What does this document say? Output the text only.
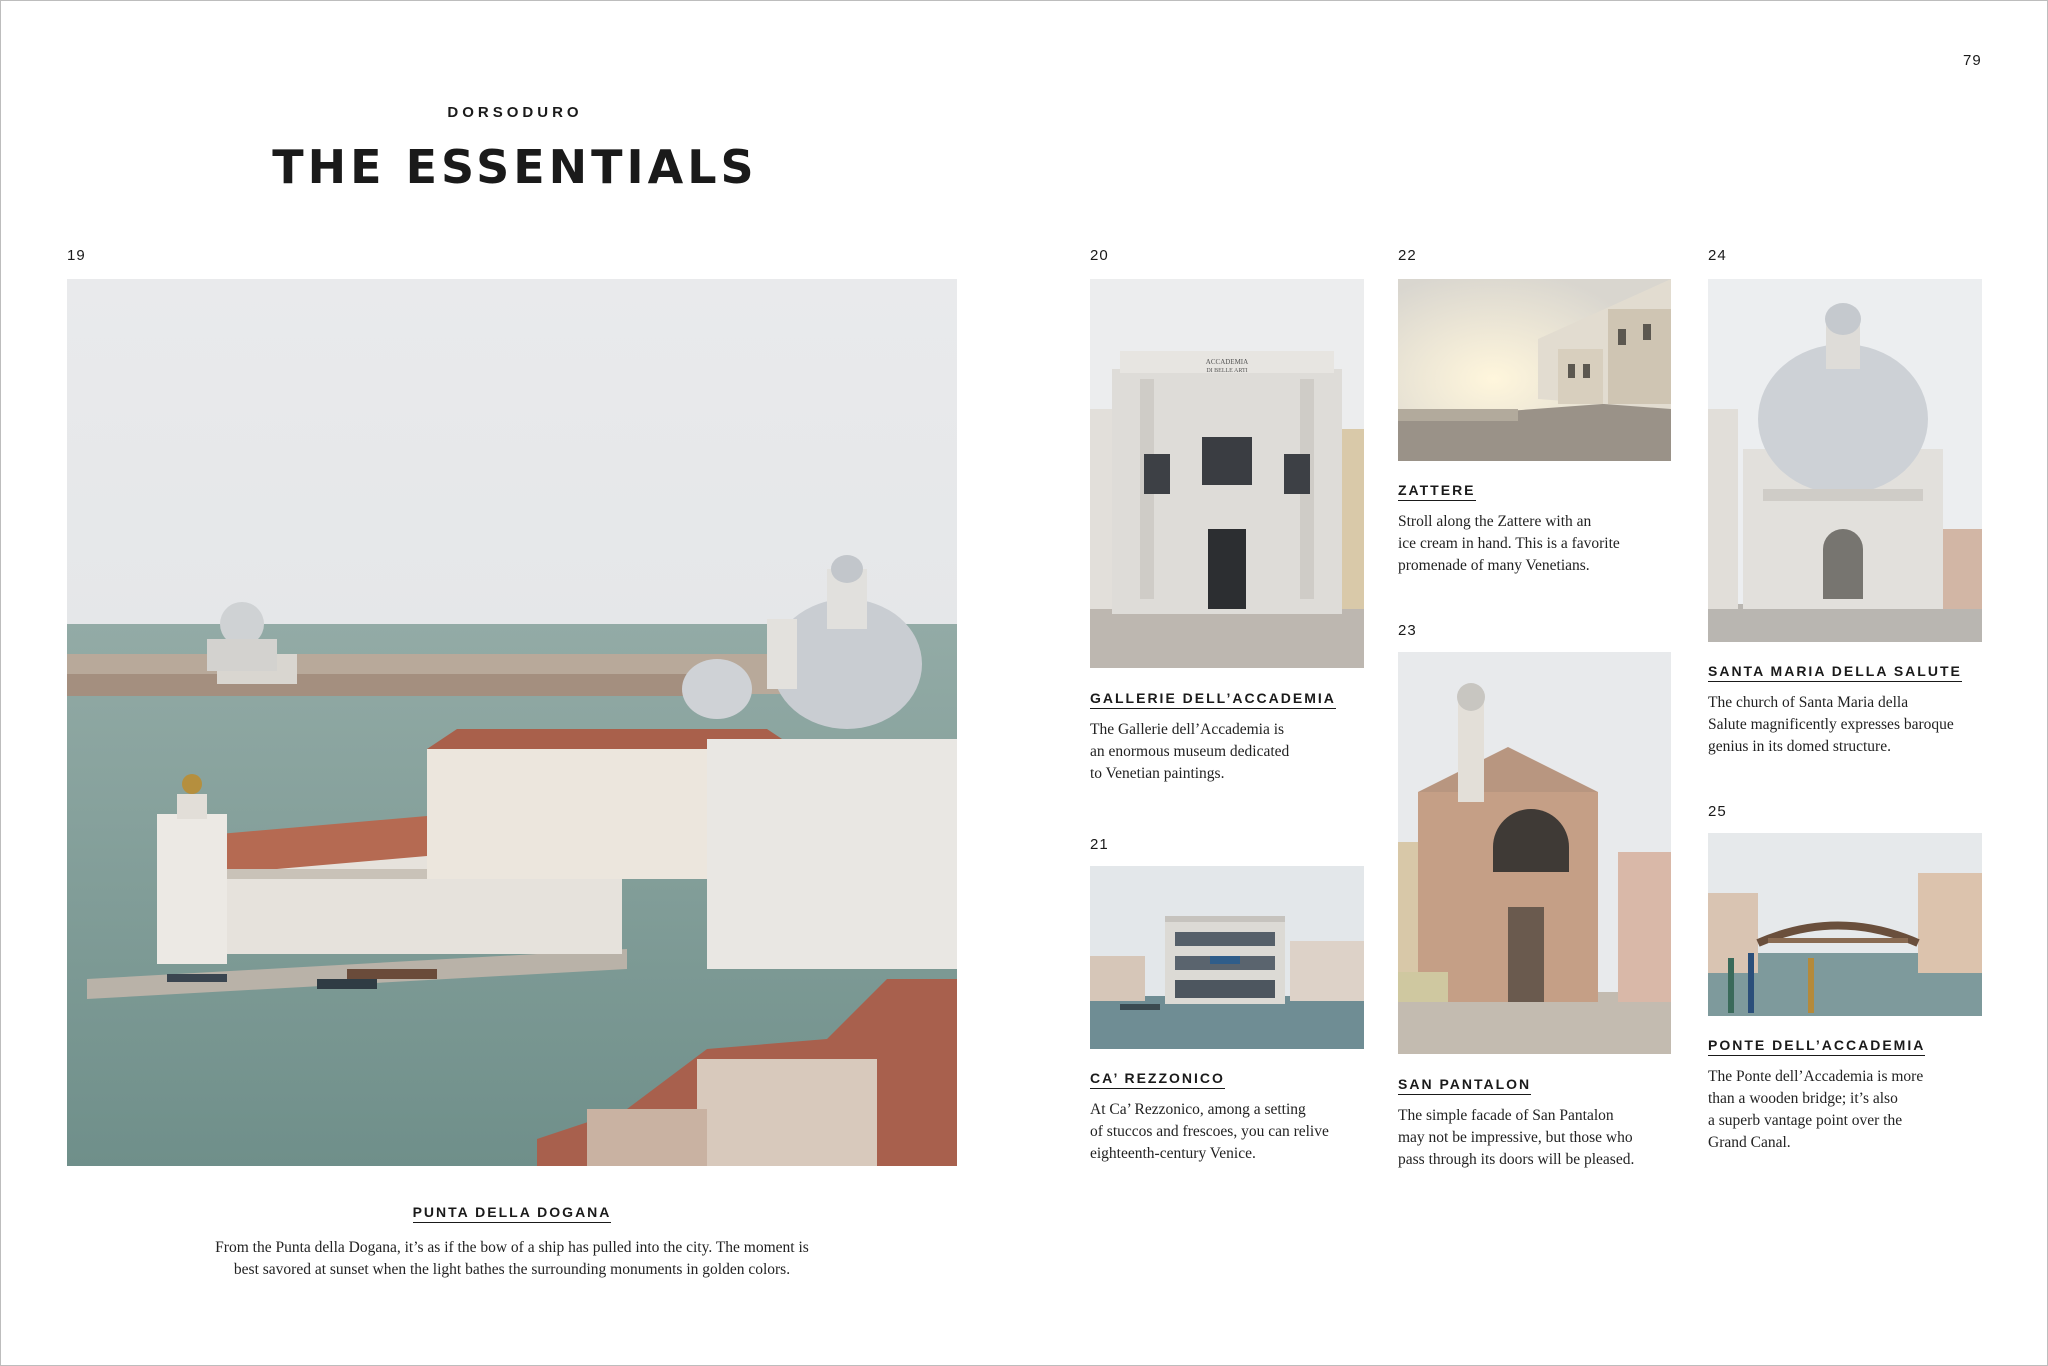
79
DORSODURO
THE ESSENTIALS
19
PUNTA DELLA DOGANA
From the Punta della Dogana, it’s as if the bow of a ship has pulled into the city. The moment is
best savored at sunset when the light bathes the surrounding monuments in golden colors.
20
ACCADEMIA
DI BELLE ARTI
GALLERIE DELL’ACCADEMIA
The Gallerie dell’Accademia is
an enormous museum dedicated
to Venetian paintings.
21
CA’ REZZONICO
At Ca’ Rezzonico, among a setting
of stuccos and frescoes, you can relive
eighteenth-century Venice.
22
ZATTERE
Stroll along the Zattere with an
ice cream in hand. This is a favorite
promenade of many Venetians.
23
SAN PANTALON
The simple facade of San Pantalon
may not be impressive, but those who
pass through its doors will be pleased.
24
SANTA MARIA DELLA SALUTE
The church of Santa Maria della
Salute magnificently expresses baroque
genius in its domed structure.
25
PONTE DELL’ACCADEMIA
The Ponte dell’Accademia is more
than a wooden bridge; it’s also
a superb vantage point over the
Grand Canal.
